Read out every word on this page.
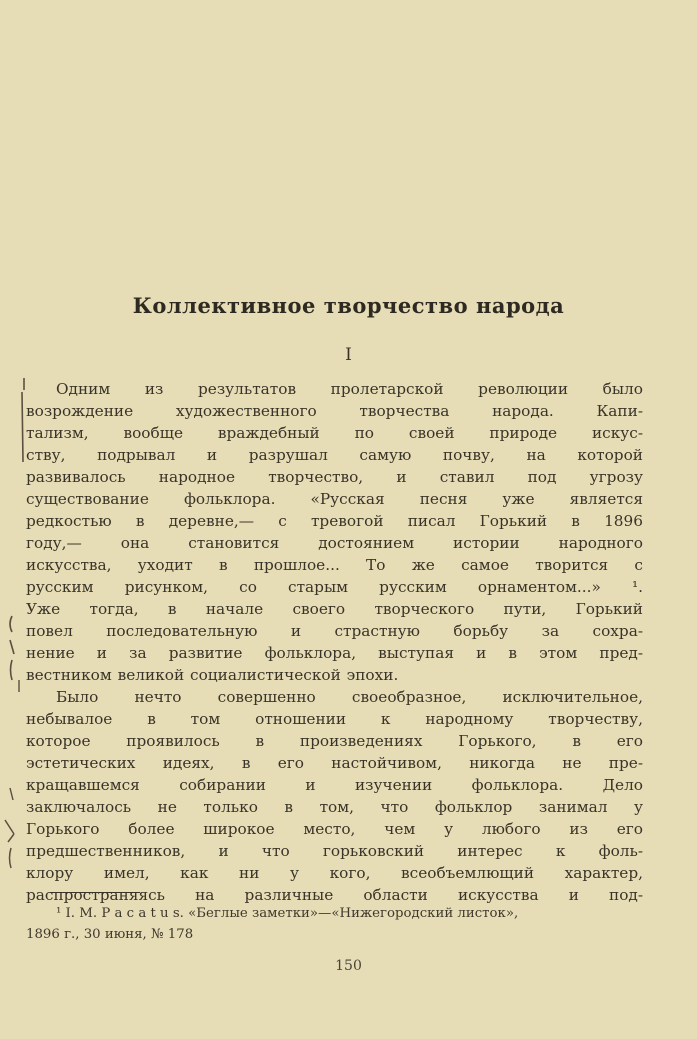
Коллективное творчество народа
I
Одним из результатов пролетарской революции было
возрождение художественного творчества народа. Капи-
тализм, вообще враждебный по своей природе искус-
ству, подрывал и разрушал самую почву, на которой
развивалось народное творчество, и ставил под угрозу
существование фольклора. «Русская песня уже является
редкостью в деревне,— с тревогой писал Горький в 1896
году,— она становится достоянием истории народного
искусства, уходит в прошлое... То же самое творится с
русским рисунком, со старым русским орнаментом...» ¹.
Уже тогда, в начале своего творческого пути, Горький
повел последовательную и страстную борьбу за сохра-
нение и за развитие фольклора, выступая и в этом пред-
вестником великой социалистической эпохи.
Было нечто совершенно своеобразное, исключительное,
небывалое в том отношении к народному творчеству,
которое проявилось в произведениях Горького, в его
эстетических идеях, в его настойчивом, никогда не пре-
кращавшемся собирании и изучении фольклора. Дело
заключалось не только в том, что фольклор занимал у
Горького более широкое место, чем у любого из его
предшественников, и что горьковский интерес к фоль-
клору имел, как ни у кого, всеобъемлющий характер,
распространяясь на различные области искусства и под-
¹ І. М. P a c a t u s. «Беглые заметки»—«Нижегородский листок»,
1896 г., 30 июня, № 178
150
